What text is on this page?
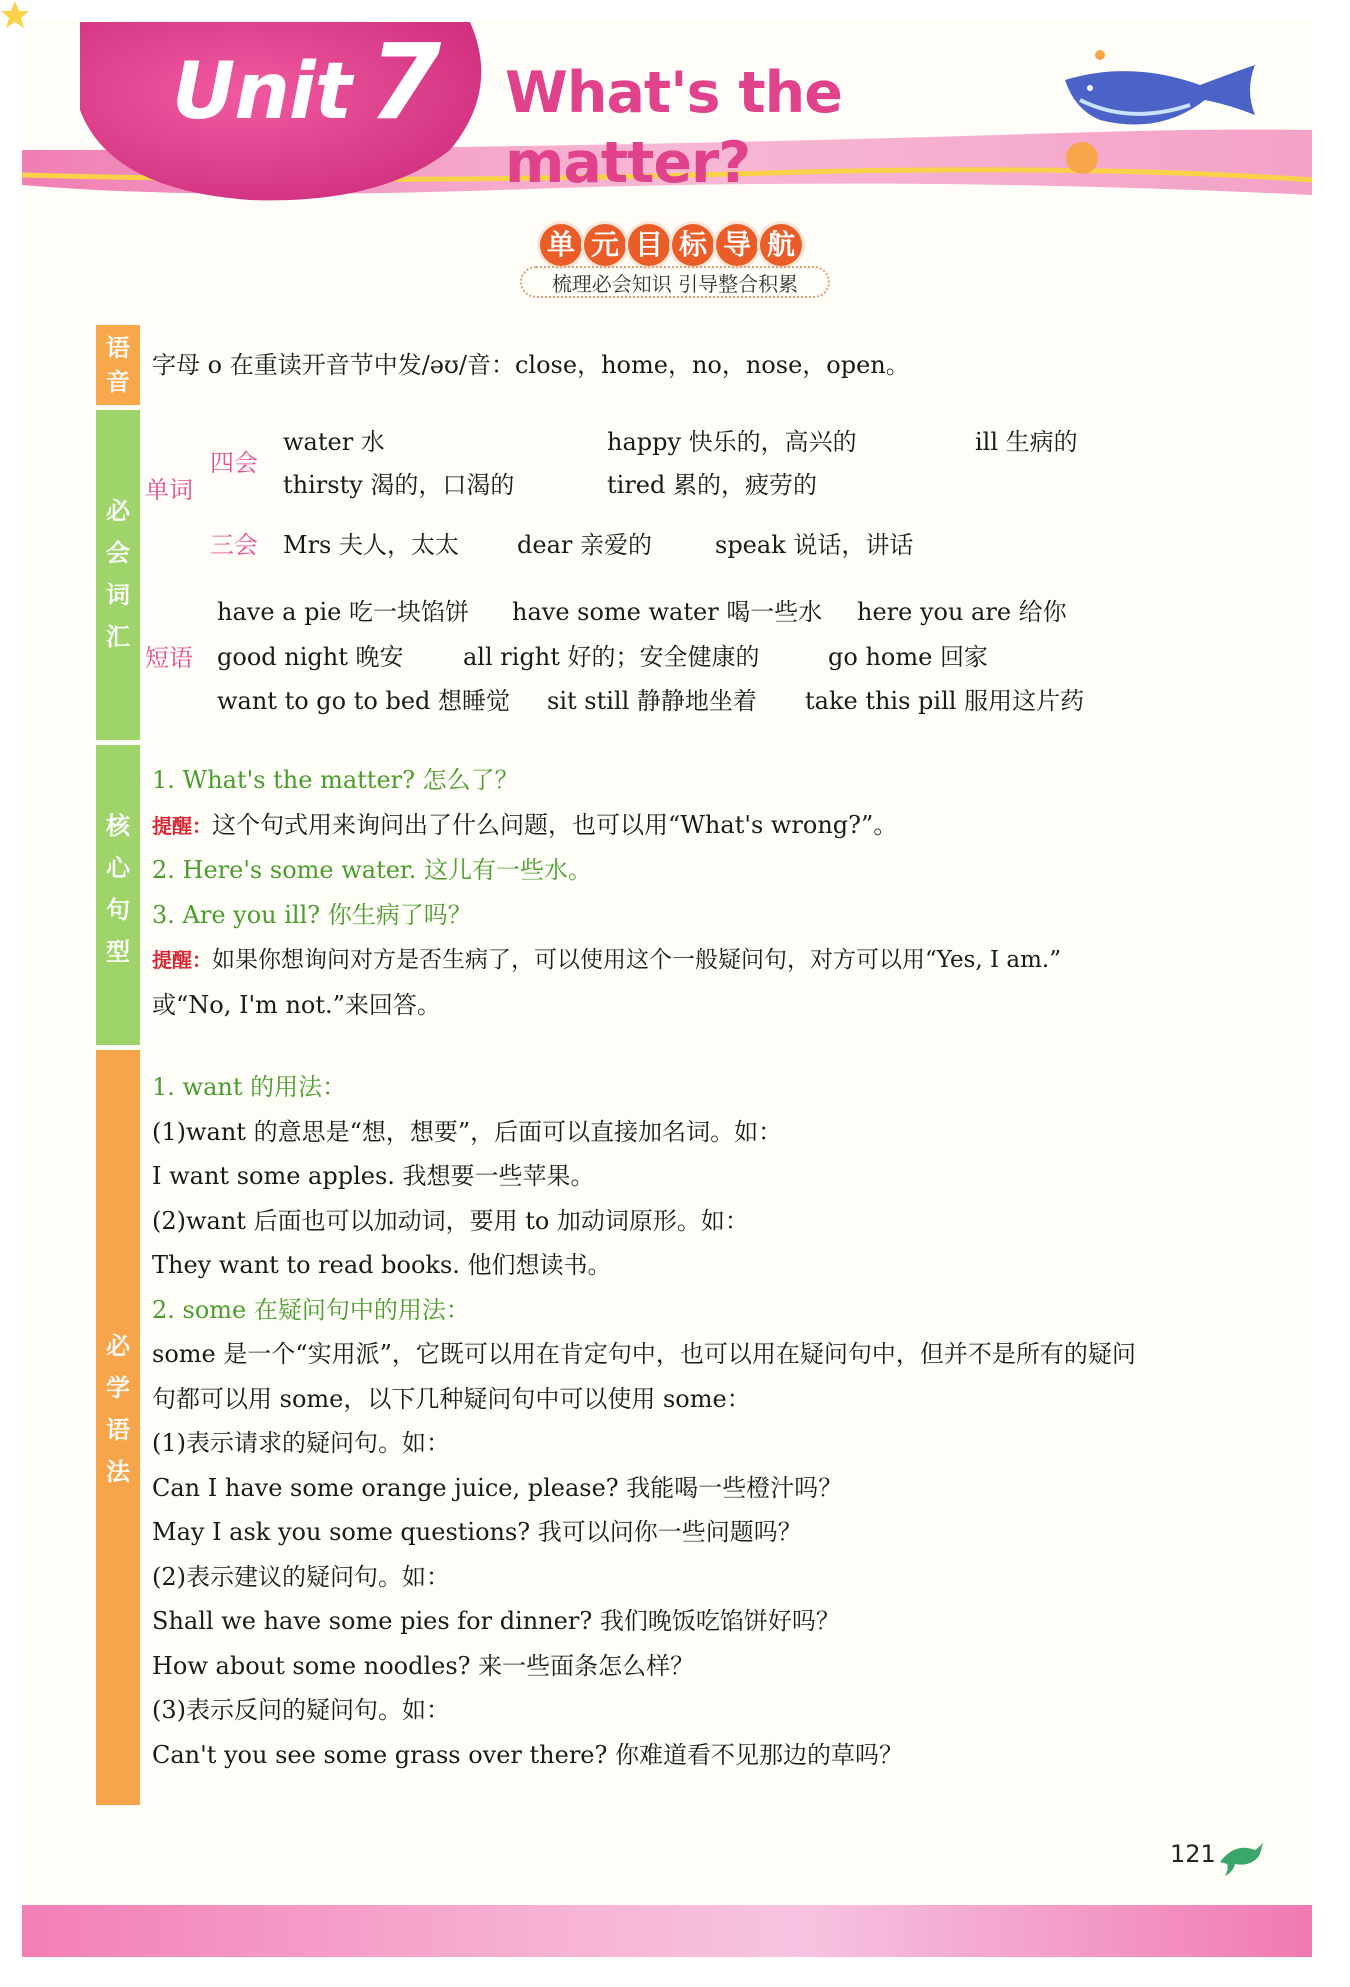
Unit 7	What's the matter?
单 元 目 标 导 航
梳理必会知识 引导整合积累
语
音
必
会
词
汇
核
心
句
型
必
学
语
法
字母 o 在重读开音节中发/əʊ/音：close，home，no，nose，open。
单词
四会
water 水	happy 快乐的，高兴的	ill 生病的
thirsty 渴的，口渴的	tired 累的，疲劳的
三会 Mrs 夫人，太太 dear 亲爱的	speak 说话，讲话
短语
have a pie 吃一块馅饼 have some water 喝一些水 here you are 给你
good night 晚安 all right 好的；安全健康的	go home 回家
want to go to bed 想睡觉 sit still 静静地坐着 take this pill 服用这片药
1. What's the matter? 怎么了？
提醒：这个句式用来询问出了什么问题，也可以用“What's wrong?”。
2. Here's some water. 这儿有一些水。
3. Are you ill? 你生病了吗？
提醒：如果你想询问对方是否生病了，可以使用这个一般疑问句，对方可以用“Yes, I am.”
或“No, I'm not.”来回答。
1. want 的用法：
(1)want 的意思是“想，想要”，后面可以直接加名词。如：
I want some apples. 我想要一些苹果。
(2)want 后面也可以加动词，要用 to 加动词原形。如：
They want to read books. 他们想读书。
2. some 在疑问句中的用法：
some 是一个“实用派”，它既可以用在肯定句中，也可以用在疑问句中，但并不是所有的疑问
句都可以用 some，以下几种疑问句中可以使用 some：
(1)表示请求的疑问句。如：
Can I have some orange juice, please? 我能喝一些橙汁吗？
May I ask you some questions? 我可以问你一些问题吗？
(2)表示建议的疑问句。如：
Shall we have some pies for dinner? 我们晚饭吃馅饼好吗？
How about some noodles? 来一些面条怎么样？
(3)表示反问的疑问句。如：
Can't you see some grass over there? 你难道看不见那边的草吗？
121
